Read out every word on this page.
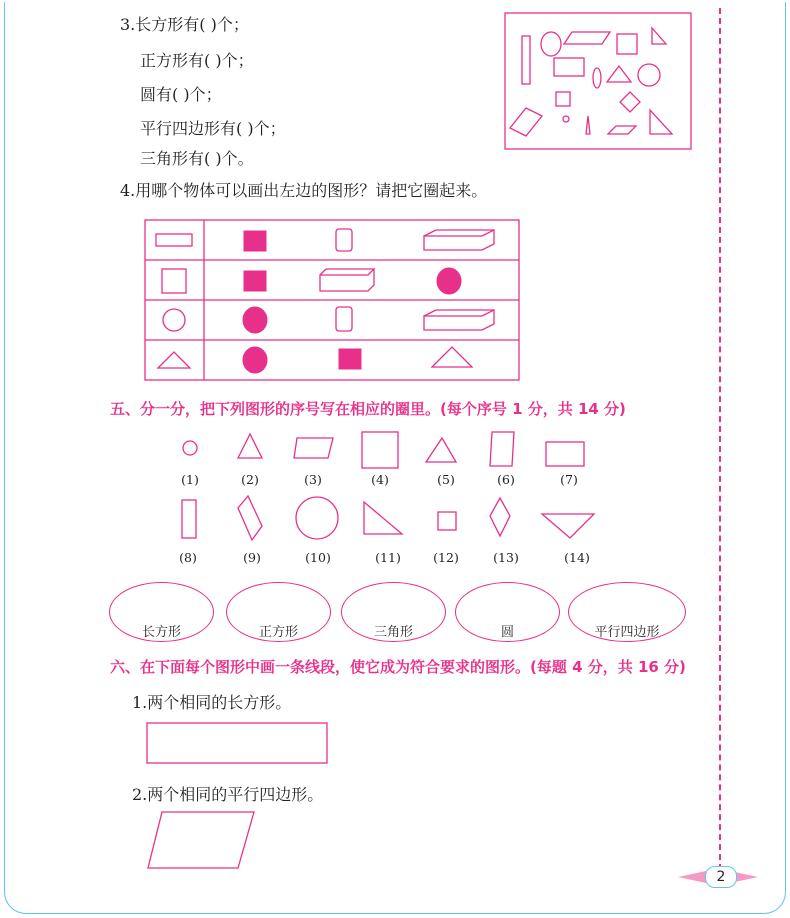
3.长方形有( )个；
正方形有( )个；
圆有( )个；
平行四边形有( )个；
三角形有( )个。
4.用哪个物体可以画出左边的图形？请把它圈起来。
五、分一分，把下列图形的序号写在相应的圈里。(每个序号 1 分，共 14 分)
(1)	(2)	(3)	(4)	(5)	(6)	(7)
(8)	(9)	(10)	(11)	(12)	(13)	(14)
长方形	正方形	三角形	圆	平行四边形
六、在下面每个图形中画一条线段，使它成为符合要求的图形。(每题 4 分，共 16 分)
1.两个相同的长方形。
2.两个相同的平行四边形。
2
